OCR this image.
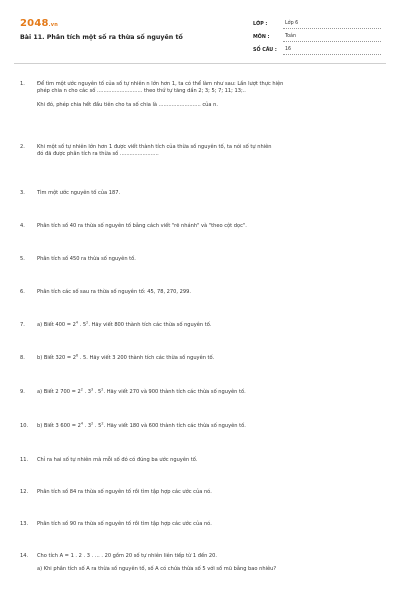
2048.vn
Bài 11. Phân tích một số ra thừa số nguyên tố
LỚP :	Lớp 6
MÔN :	Toán
SỐ CÂU :	16
1.	Để tìm một ước nguyên tố của số tự nhiên n lớn hơn 1, ta có thể làm như sau: Lần lượt thực hiện
phép chia n cho các số ............................ theo thứ tự tăng dần 2; 3; 5; 7; 11; 13;..
Khi đó, phép chia hết đầu tiên cho ta số chia là .......................... của n.
2.	Khi một số tự nhiên lớn hơn 1 được viết thành tích của thừa số nguyên tố, ta nói số tự nhiên
đó đã được phân tích ra thừa số ........................
3.	Tìm một ước nguyên tố của 187.
4.	Phân tích số 40 ra thừa số nguyên tố bằng cách viết "rẽ nhánh" và "theo cột dọc".
5.	Phân tích số 450 ra thừa số nguyên tố.
6.	Phân tích các số sau ra thừa số nguyên tố: 45, 78, 270, 299.
7.	a) Biết $400 = 2^4$ . $5^2$. Hãy viết 800 thành tích các thừa số nguyên tố.
8.	b) Biết $320 = 2^6$ . 5. Hãy viết 3 200 thành tích các thừa số nguyên tố.
9.	a) Biết 2 $700 = 2^2$ . $3^3$ . $5^2$. Hãy viết 270 và 900 thành tích các thừa số nguyên tố.
10.	b) Biết 3 $600 = 2^4$ . $3^2$ . $5^2$. Hãy viết 180 và 600 thành tích các thừa số nguyên tố.
11.	Chỉ ra hai số tự nhiên mà mỗi số đó có đúng ba ước nguyên tố.
12.	Phân tích số 84 ra thừa số nguyên tố rồi tìm tập hợp các ước của nó.
13.	Phân tích số 90 ra thừa số nguyên tố rồi tìm tập hợp các ước của nó.
14.	Cho tích A = 1 . 2 . 3 . ... . 20 gồm 20 số tự nhiên liên tiếp từ 1 đến 20.
a) Khi phân tích số A ra thừa số nguyên tố, số A có chứa thừa số 5 với số mũ bằng bao nhiêu?
